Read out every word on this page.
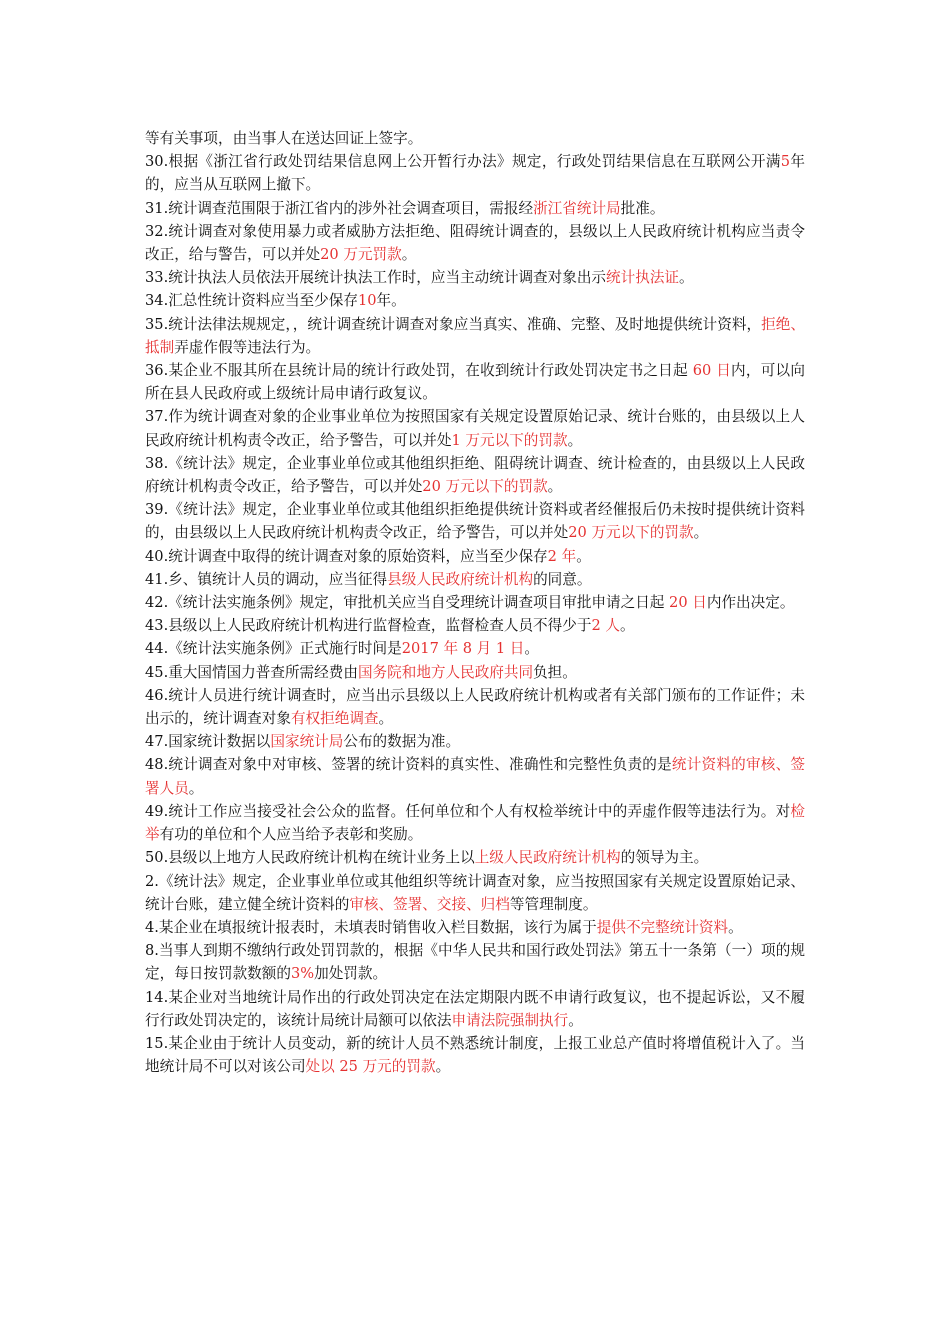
等有关事项，由当事人在送达回证上签字。

30.根据《浙江省行政处罚结果信息网上公开暂行办法》规定，行政处罚结果信息在互联网公开满5年的，应当从互联网上撤下。

31.统计调查范围限于浙江省内的涉外社会调查项目，需报经浙江省统计局批准。

32.统计调查对象使用暴力或者威胁方法拒绝、阻碍统计调查的，县级以上人民政府统计机构应当责令改正，给与警告，可以并处20 万元罚款。

33.统计执法人员依法开展统计执法工作时，应当主动统计调查对象出示统计执法证。

34.汇总性统计资料应当至少保存10年。

35.统计法律法规规定，，统计调查统计调查对象应当真实、准确、完整、及时地提供统计资料，拒绝、抵制弄虚作假等违法行为。

36.某企业不服其所在县统计局的统计行政处罚，在收到统计行政处罚决定书之日起 60 日内，可以向所在县人民政府或上级统计局申请行政复议。

37.作为统计调查对象的企业事业单位为按照国家有关规定设置原始记录、统计台账的，由县级以上人民政府统计机构责令改正，给予警告，可以并处1 万元以下的罚款。

38.《统计法》规定，企业事业单位或其他组织拒绝、阻碍统计调查、统计检查的，由县级以上人民政府统计机构责令改正，给予警告，可以并处20 万元以下的罚款。

39.《统计法》规定，企业事业单位或其他组织拒绝提供统计资料或者经催报后仍未按时提供统计资料的，由县级以上人民政府统计机构责令改正，给予警告，可以并处20 万元以下的罚款。

40.统计调查中取得的统计调查对象的原始资料，应当至少保存2 年。

41.乡、镇统计人员的调动，应当征得县级人民政府统计机构的同意。

42.《统计法实施条例》规定，审批机关应当自受理统计调查项目审批申请之日起 20 日内作出决定。

43.县级以上人民政府统计机构进行监督检查，监督检查人员不得少于2 人。

44.《统计法实施条例》正式施行时间是2017 年 8 月 1 日。

45.重大国情国力普查所需经费由国务院和地方人民政府共同负担。

46.统计人员进行统计调查时，应当出示县级以上人民政府统计机构或者有关部门颁布的工作证件；未出示的，统计调查对象有权拒绝调查。

47.国家统计数据以国家统计局公布的数据为准。

48.统计调查对象中对审核、签署的统计资料的真实性、准确性和完整性负责的是统计资料的审核、签署人员。

49.统计工作应当接受社会公众的监督。任何单位和个人有权检举统计中的弄虚作假等违法行为。对检举有功的单位和个人应当给予表彰和奖励。

50.县级以上地方人民政府统计机构在统计业务上以上级人民政府统计机构的领导为主。

2.《统计法》规定，企业事业单位或其他组织等统计调查对象，应当按照国家有关规定设置原始记录、统计台账，建立健全统计资料的审核、签署、交接、归档等管理制度。

4.某企业在填报统计报表时，未填表时销售收入栏目数据，该行为属于提供不完整统计资料。

8.当事人到期不缴纳行政处罚罚款的，根据《中华人民共和国行政处罚法》第五十一条第（一）项的规定，每日按罚款数额的3%加处罚款。

14.某企业对当地统计局作出的行政处罚决定在法定期限内既不申请行政复议，也不提起诉讼，又不履行行政处罚决定的，该统计局统计局额可以依法申请法院强制执行。

15.某企业由于统计人员变动，新的统计人员不熟悉统计制度，上报工业总产值时将增值税计入了。当地统计局不可以对该公司处以 25 万元的罚款。
